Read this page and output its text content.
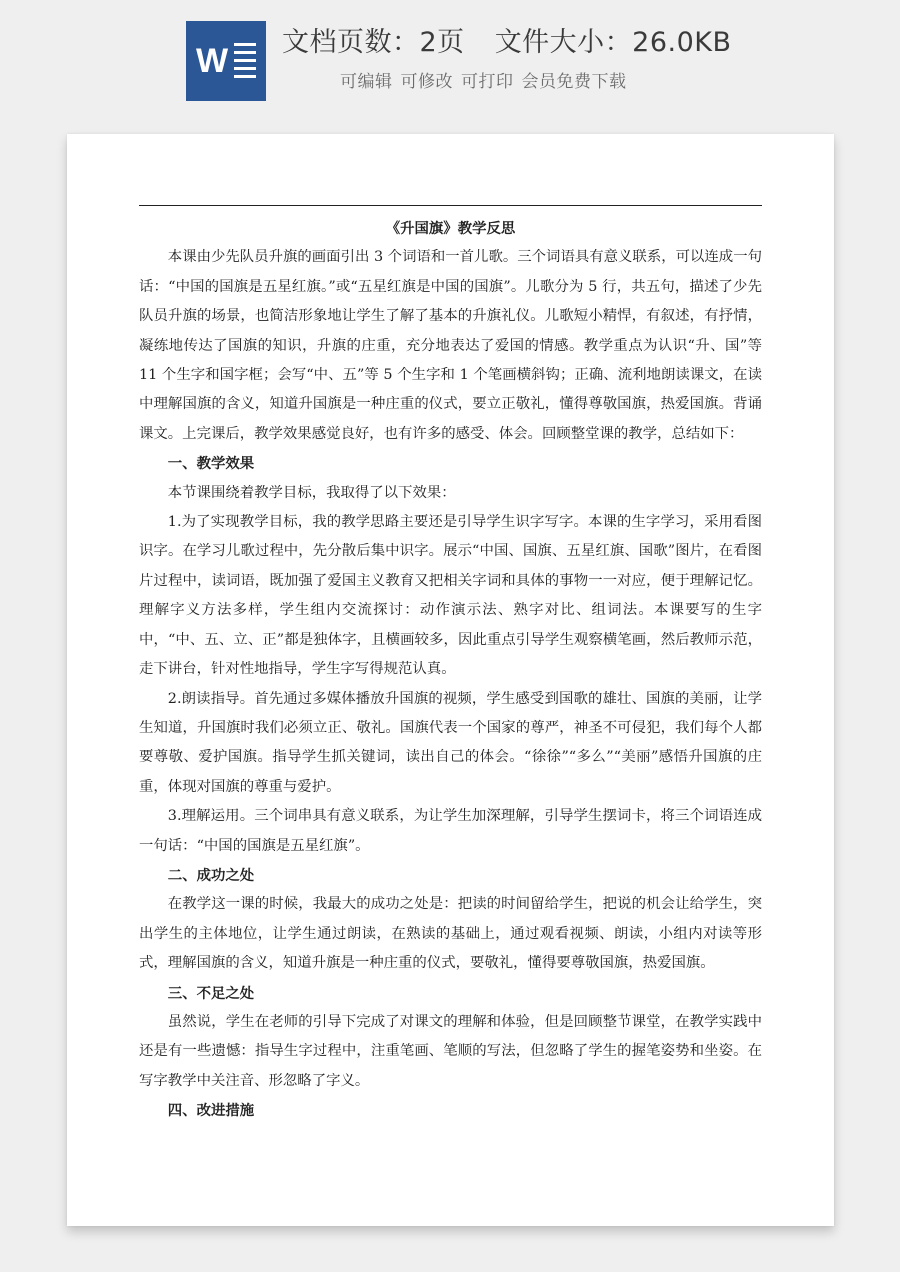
W 文档页数：2页 文件大小：26.0KB
可编辑 可修改 可打印 会员免费下载

《升国旗》教学反思

本课由少先队员升旗的画面引出 3 个词语和一首儿歌。三个词语具有意义联系，可以连成一句话：“中国的国旗是五星红旗。”或“五星红旗是中国的国旗”。儿歌分为 5 行，共五句，描述了少先队员升旗的场景，也简洁形象地让学生了解了基本的升旗礼仪。儿歌短小精悍，有叙述，有抒情，凝练地传达了国旗的知识，升旗的庄重，充分地表达了爱国的情感。教学重点为认识“升、国”等 11 个生字和国字框；会写“中、五”等 5 个生字和 1 个笔画横斜钩；正确、流利地朗读课文，在读中理解国旗的含义，知道升国旗是一种庄重的仪式，要立正敬礼，懂得尊敬国旗，热爱国旗。背诵课文。上完课后，教学效果感觉良好，也有许多的感受、体会。回顾整堂课的教学，总结如下：

一、教学效果

本节课围绕着教学目标，我取得了以下效果：

1.为了实现教学目标，我的教学思路主要还是引导学生识字写字。本课的生字学习，采用看图识字。在学习儿歌过程中，先分散后集中识字。展示“中国、国旗、五星红旗、国歌”图片，在看图片过程中，读词语，既加强了爱国主义教育又把相关字词和具体的事物一一对应，便于理解记忆。理解字义方法多样，学生组内交流探讨：动作演示法、熟字对比、组词法。本课要写的生字中，“中、五、立、正”都是独体字，且横画较多，因此重点引导学生观察横笔画，然后教师示范，走下讲台，针对性地指导，学生字写得规范认真。

2.朗读指导。首先通过多媒体播放升国旗的视频，学生感受到国歌的雄壮、国旗的美丽，让学生知道，升国旗时我们必须立正、敬礼。国旗代表一个国家的尊严，神圣不可侵犯，我们每个人都要尊敬、爱护国旗。指导学生抓关键词，读出自己的体会。“徐徐”“多么”“美丽”感悟升国旗的庄重，体现对国旗的尊重与爱护。

3.理解运用。三个词串具有意义联系，为让学生加深理解，引导学生摆词卡，将三个词语连成一句话：“中国的国旗是五星红旗”。

二、成功之处

在教学这一课的时候，我最大的成功之处是：把读的时间留给学生，把说的机会让给学生，突出学生的主体地位，让学生通过朗读，在熟读的基础上，通过观看视频、朗读，小组内对读等形式，理解国旗的含义，知道升旗是一种庄重的仪式，要敬礼，懂得要尊敬国旗，热爱国旗。

三、不足之处

虽然说，学生在老师的引导下完成了对课文的理解和体验，但是回顾整节课堂，在教学实践中还是有一些遗憾：指导生字过程中，注重笔画、笔顺的写法，但忽略了学生的握笔姿势和坐姿。在写字教学中关注音、形忽略了字义。

四、改进措施
